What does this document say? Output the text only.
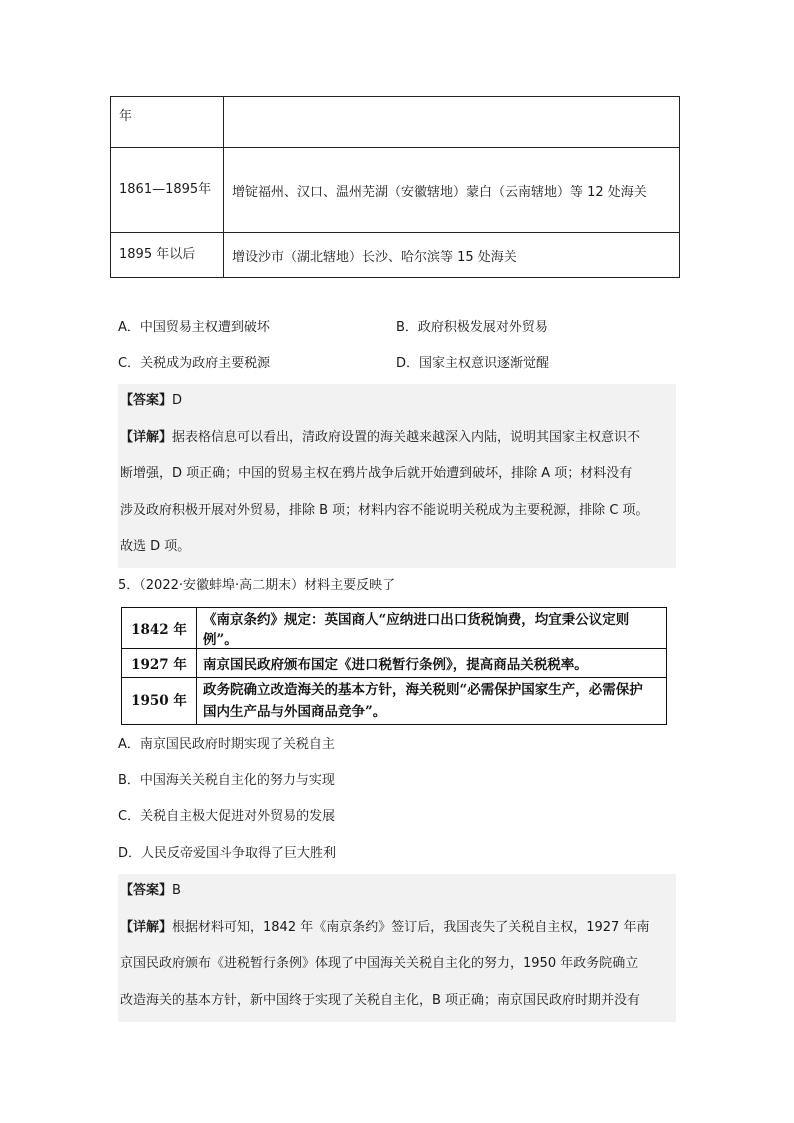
年	
1861—1895年	增锭福州、汉口、温州芜湖（安徽辖地）蒙白（云南辖地）等 12 处海关
1895 年以后	增设沙市（湖北辖地）长沙、哈尔滨等 15 处海关
A．中国贸易主权遭到破坏	B．政府积极发展对外贸易
C．关税成为政府主要税源	D．国家主权意识逐渐觉醒
【答案】D
【详解】据表格信息可以看出，清政府设置的海关越来越深入内陆，说明其国家主权意识不
断增强，D 项正确；中国的贸易主权在鸦片战争后就开始遭到破坏，排除 A 项；材料没有
涉及政府积极开展对外贸易，排除 B 项；材料内容不能说明关税成为主要税源，排除 C 项。
故选 D 项。
5．（2022·安徽蚌埠·高二期末）材料主要反映了
1842 年	《南京条约》规定：英国商人“应纳进口出口货税饷费，均宜秉公议定则例”。
1927 年	南京国民政府颁布国定《进口税暂行条例》，提高商品关税税率。
1950 年	政务院确立改造海关的基本方针，海关税则“必需保护国家生产，必需保护
国内生产品与外国商品竞争”。
A．南京国民政府时期实现了关税自主
B．中国海关关税自主化的努力与实现
C．关税自主极大促进对外贸易的发展
D．人民反帝爱国斗争取得了巨大胜利
【答案】B
【详解】根据材料可知，1842 年《南京条约》签订后，我国丧失了关税自主权，1927 年南
京国民政府颁布《进税暂行条例》体现了中国海关关税自主化的努力，1950 年政务院确立
改造海关的基本方针，新中国终于实现了关税自主化，B 项正确；南京国民政府时期并没有
